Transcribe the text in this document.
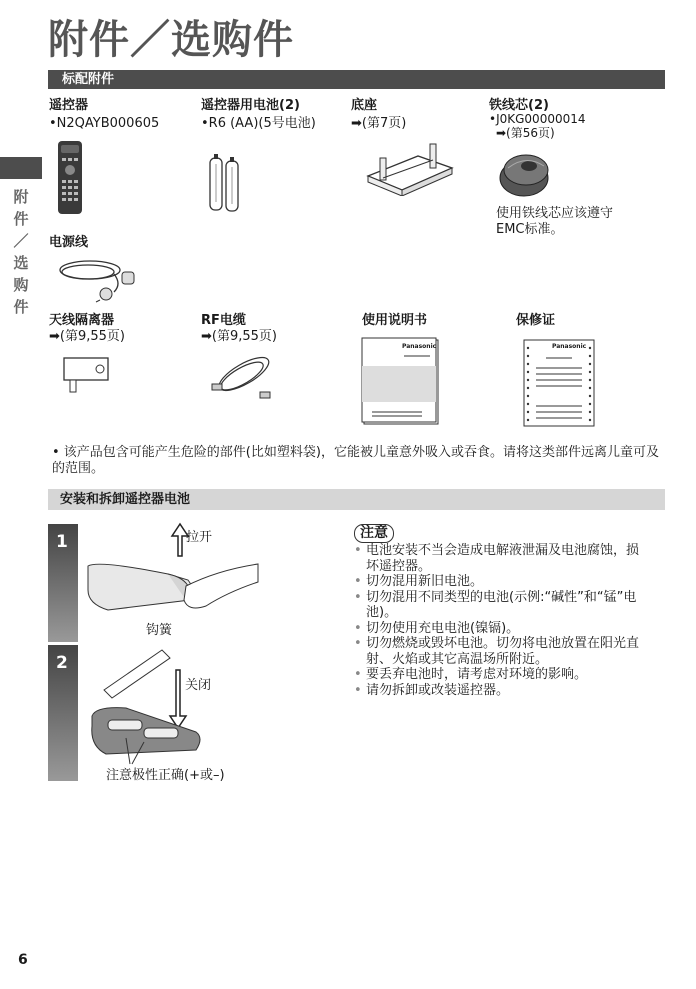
附件／选购件
标配附件
附
件
／
选
购
件
遥控器
•N2QAYB000605
遥控器用电池(2)
•R6 (AA)(5号电池)
底座
➡(第7页)
铁线芯(2)
•J0KG00000014
➡(第56页)
使用铁线芯应该遵守EMC标准。
电源线
天线隔离器
➡(第9,55页)
RF电缆
➡(第9,55页)
使用说明书
Panasonic
保修证
Panasonic
• 该产品包含可能产生危险的部件(比如塑料袋)，它能被儿童意外吸入或吞食。请将这类部件远离儿童可及的范围。
安装和拆卸遥控器电池
1
2
拉开
钩簧
关闭
注意极性正确(+或–)
注意
• 电池安装不当会造成电解液泄漏及电池腐蚀，损坏遥控器。
• 切勿混用新旧电池。
• 切勿混用不同类型的电池(示例:“碱性”和“锰”电池)。
• 切勿使用充电电池(镍镉)。
• 切勿燃烧或毁坏电池。切勿将电池放置在阳光直射、火焰或其它高温场所附近。
• 要丢弃电池时，请考虑对环境的影响。
• 请勿拆卸或改装遥控器。
6
